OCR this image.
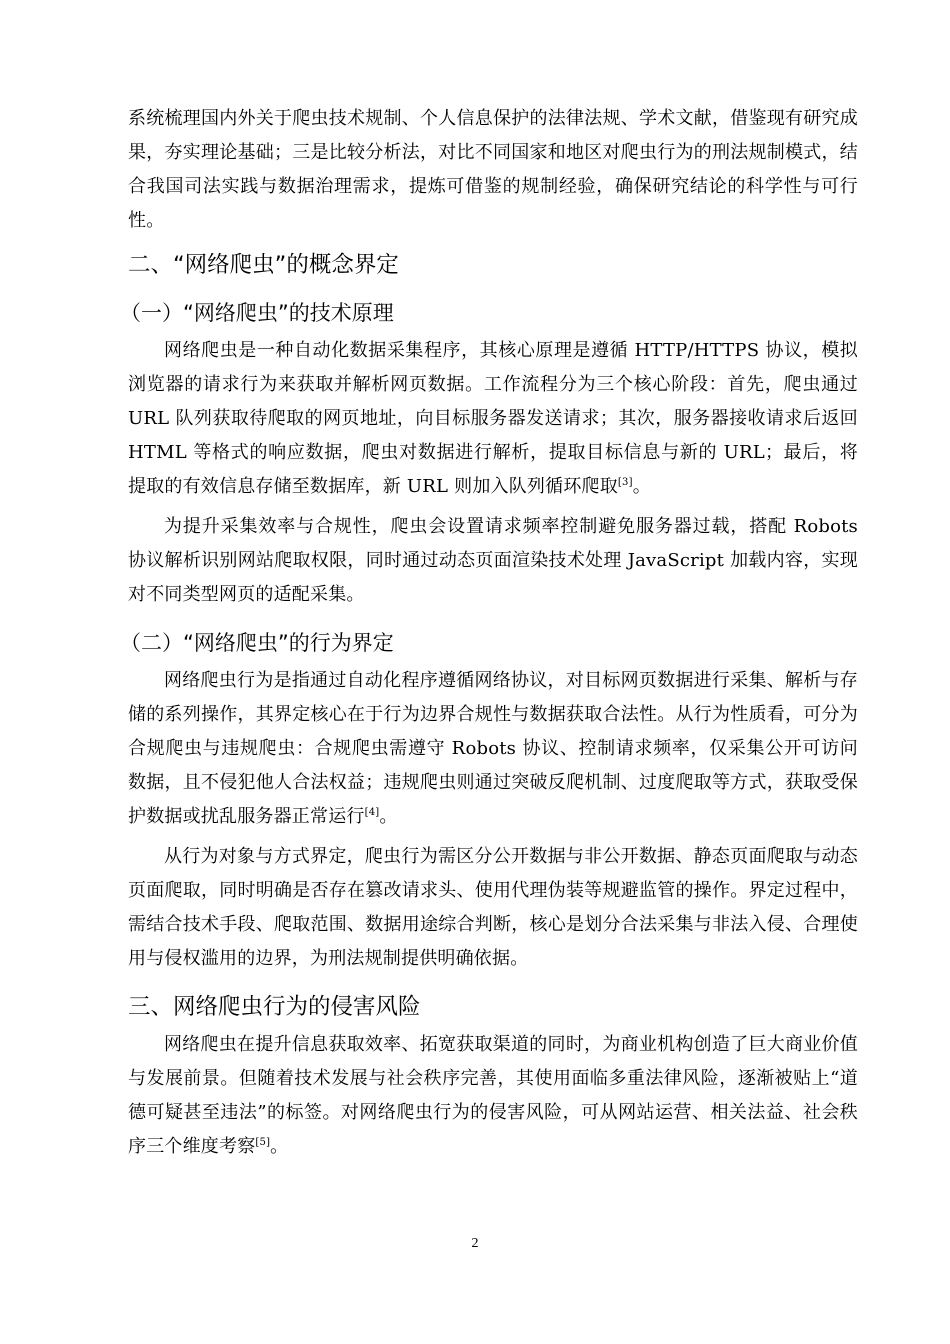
系统梳理国内外关于爬虫技术规制、个人信息保护的法律法规、学术文献，借鉴现有研究成果，夯实理论基础；三是比较分析法，对比不同国家和地区对爬虫行为的刑法规制模式，结合我国司法实践与数据治理需求，提炼可借鉴的规制经验，确保研究结论的科学性与可行性。

二、“网络爬虫”的概念界定
（一）“网络爬虫”的技术原理

网络爬虫是一种自动化数据采集程序，其核心原理是遵循 HTTP/HTTPS 协议，模拟浏览器的请求行为来获取并解析网页数据。工作流程分为三个核心阶段：首先，爬虫通过 URL 队列获取待爬取的网页地址，向目标服务器发送请求；其次，服务器接收请求后返回 HTML 等格式的响应数据，爬虫对数据进行解析，提取目标信息与新的 URL；最后，将提取的有效信息存储至数据库，新 URL 则加入队列循环爬取[3]。

为提升采集效率与合规性，爬虫会设置请求频率控制避免服务器过载，搭配 Robots 协议解析识别网站爬取权限，同时通过动态页面渲染技术处理 JavaScript 加载内容，实现对不同类型网页的适配采集。

（二）“网络爬虫”的行为界定

网络爬虫行为是指通过自动化程序遵循网络协议，对目标网页数据进行采集、解析与存储的系列操作，其界定核心在于行为边界合规性与数据获取合法性。从行为性质看，可分为合规爬虫与违规爬虫：合规爬虫需遵守 Robots 协议、控制请求频率，仅采集公开可访问数据，且不侵犯他人合法权益；违规爬虫则通过突破反爬机制、过度爬取等方式，获取受保护数据或扰乱服务器正常运行[4]。

从行为对象与方式界定，爬虫行为需区分公开数据与非公开数据、静态页面爬取与动态页面爬取，同时明确是否存在篡改请求头、使用代理伪装等规避监管的操作。界定过程中，需结合技术手段、爬取范围、数据用途综合判断，核心是划分合法采集与非法入侵、合理使用与侵权滥用的边界，为刑法规制提供明确依据。

三、网络爬虫行为的侵害风险

网络爬虫在提升信息获取效率、拓宽获取渠道的同时，为商业机构创造了巨大商业价值与发展前景。但随着技术发展与社会秩序完善，其使用面临多重法律风险，逐渐被贴上“道德可疑甚至违法”的标签。对网络爬虫行为的侵害风险，可从网站运营、相关法益、社会秩序三个维度考察[5]。

2
